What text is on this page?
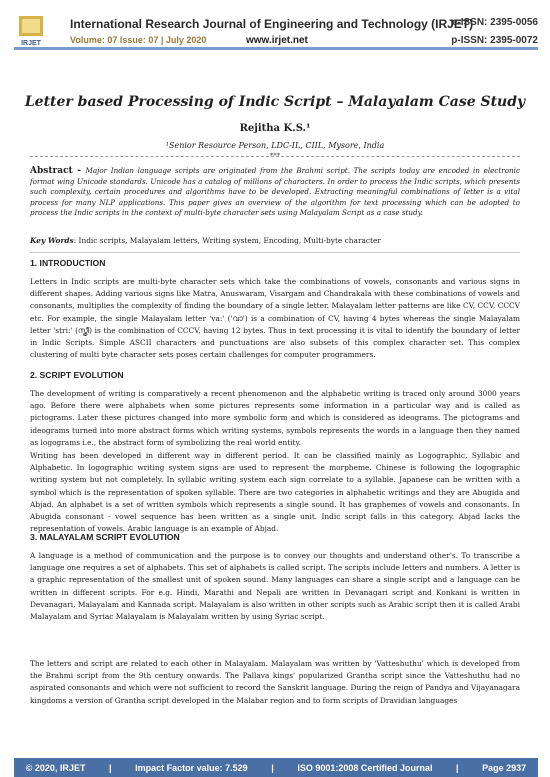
IRJET
International Research Journal of Engineering and Technology (IRJET)
e-ISSN: 2395-0056
Volume: 07 Issue: 07 | July 2020	www.irjet.net	p-ISSN: 2395-0072
Letter based Processing of Indic Script – Malayalam Case Study
Rejitha K.S.¹
¹Senior Resource Person, LDC-IL, CIIL, Mysore, India
***
Abstract - Major Indian language scripts are originated from the Brahmi script. The scripts today are encoded in electronic format wing Unicode standards. Unicode has a catalog of millions of characters. In order to process the Indic scripts, which presents such complexity, certain procedures and algorithms have to be developed. Extracting meaningful combinations of letter is a vital process for many NLP applications. This paper gives an overview of the algorithm for text processing which can be adopted to process the Indic scripts in the context of multi-byte character sets using Malayalam Script as a case study.
Key Words: Indic scripts, Malayalam letters, Writing system, Encoding, Multi-byte character
1. INTRODUCTION
Letters in Indic scripts are multi-byte character sets which take the combinations of vowels, consonants and various signs in different shapes. Adding various signs like Matra, Anuswaram, Visargam and Chandrakala with these combinations of vowels and consonants, multiplies the complexity of finding the boundary of a single letter. Malayalam letter patterns are like CV, CCV, CCCV etc. For example, the single Malayalam letter 'va:' ('വാ') is a combination of CV, having 4 bytes whereas the single Malayalam letter 'stri:' (സ്ത്രീ) is the combination of CCCV, having 12 bytes. Thus in text processing it is vital to identify the boundary of letter in Indic Scripts. Simple ASCII characters and punctuations are also subsets of this complex character set. This complex clustering of multi byte character sets poses certain challenges for computer programmers.
2. SCRIPT EVOLUTION
The development of writing is comparatively a recent phenomenon and the alphabetic writing is traced only around 3000 years ago. Before there were alphabets when some pictures represents some information in a particular way and is called as pictograms. Later these pictures changed into more symbolic form and which is considered as ideograms. The pictograms and ideograms turned into more abstract forms which writing systems, symbols represents the words in a language then they named as logograms i.e., the abstract form of symbolizing the real world entity.
Writing has been developed in different way in different period. It can be classified mainly as Logographic, Syllabic and Alphabetic. In logographic writing system signs are used to represent the morpheme. Chinese is following the logographic writing system but not completely. In syllabic writing system each sign correlate to a syllable. Japanese can be written with a symbol which is the representation of spoken syllable. There are two categories in alphabetic writings and they are Abugida and Abjad. An alphabet is a set of written symbols which represents a single sound. It has graphemes of vowels and consonants. In Abugida consonant - vowel sequence has been written as a single unit. Indic script falls in this category. Abjad lacks the representation of vowels. Arabic language is an example of Abjad.
3. MALAYALAM SCRIPT EVOLUTION
A language is a method of communication and the purpose is to convey our thoughts and understand other's. To transcribe a language one requires a set of alphabets. This set of alphabets is called script. The scripts include letters and numbers. A letter is a graphic representation of the smallest unit of spoken sound. Many languages can share a single script and a language can be written in different scripts. For e.g. Hindi, Marathi and Nepali are written in Devanagari script and Konkani is written in Devanagari, Malayalam and Kannada script. Malayalam is also written in other scripts such as Arabic script then it is called Arabi Malayalam and Syriac Malayalam is Malayalam written by using Syriac script.
The letters and script are related to each other in Malayalam. Malayalam was written by 'Vatteshuthu' which is developed from the Brahmi script from the 9th century onwards. The Pallava kings' popularized Grantha script since the Vatteshuthu had no aspirated consonants and which were not sufficient to record the Sanskrit language. During the reign of Pandya and Vijayanagara kingdoms a version of Grantha script developed in the Malabar region and to form scripts of Dravidian languages
© 2020, IRJET	|	Impact Factor value: 7.529	|	ISO 9001:2008 Certified Journal	|	Page 2937
